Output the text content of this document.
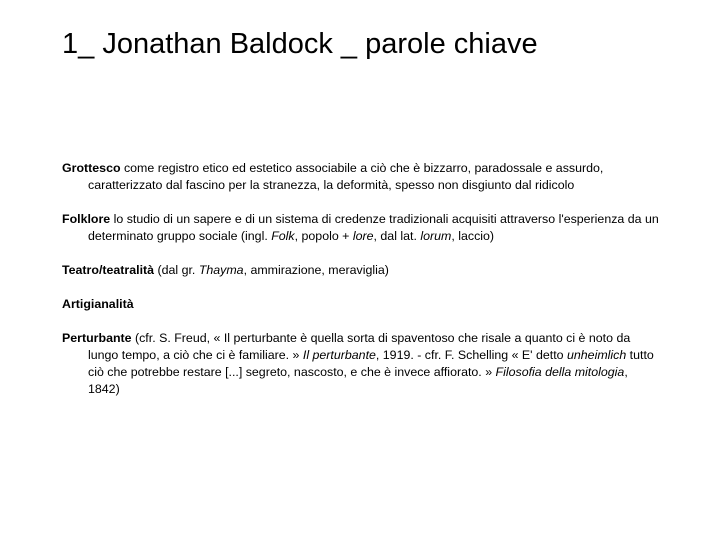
1_ Jonathan Baldock _ parole chiave

Grottesco come registro etico ed estetico associabile a ciò che è bizzarro, paradossale e assurdo, caratterizzato dal fascino per la stranezza, la deformità, spesso non disgiunto dal ridicolo

Folklore lo studio di un sapere e di un sistema di credenze tradizionali acquisiti attraverso l'esperienza da un determinato gruppo sociale (ingl. Folk, popolo + lore, dal lat. lorum, laccio)

Teatro/teatralità (dal gr. Thayma, ammirazione, meraviglia)

Artigianalità

Perturbante (cfr. S. Freud, « Il perturbante è quella sorta di spaventoso che risale a quanto ci è noto da lungo tempo, a ciò che ci è familiare. » Il perturbante, 1919. - cfr. F. Schelling « E' detto unheimlich tutto ciò che potrebbe restare [...] segreto, nascosto, e che è invece affiorato. » Filosofia della mitologia, 1842)
